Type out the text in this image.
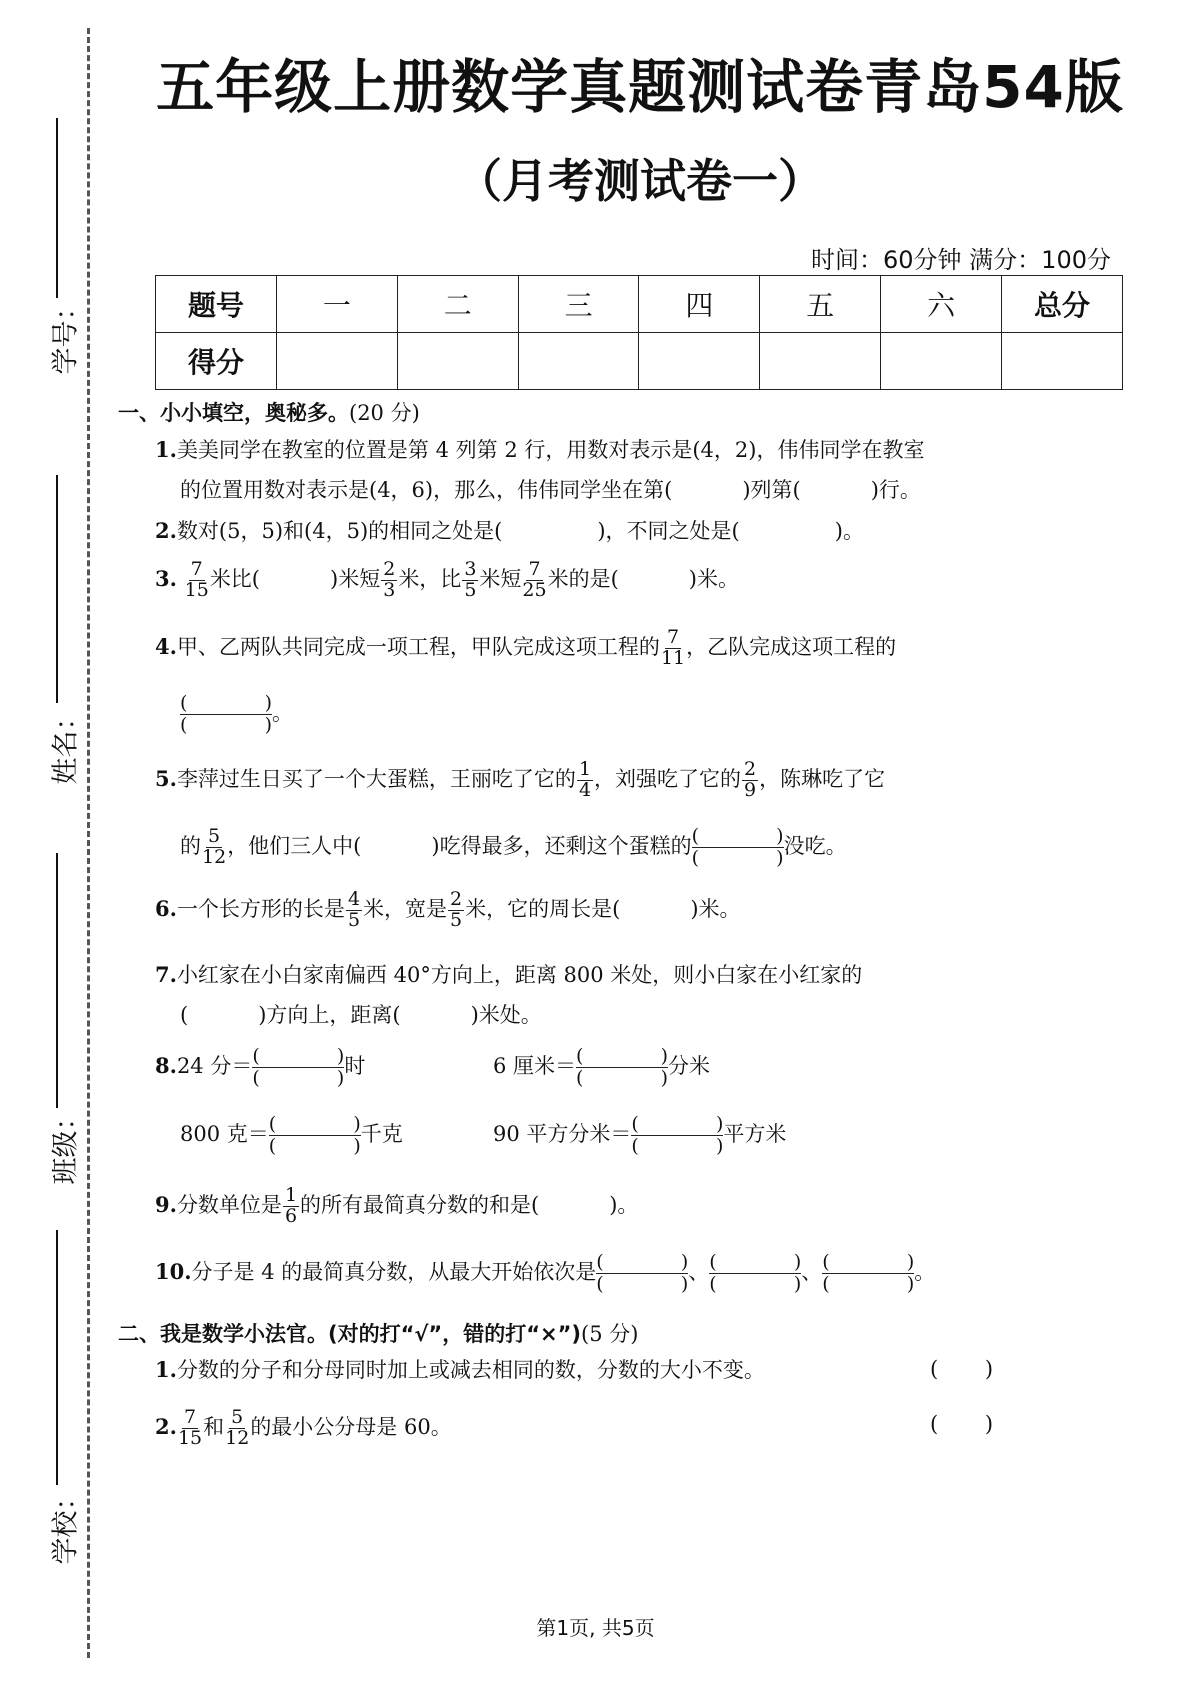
学号：
姓名：
班级：
学校：
五年级上册数学真题测试卷青岛54版
（月考测试卷一）
时间：60分钟 满分：100分
题号	一	二	三	四	五	六	总分
得分							
一、小小填空，奥秘多。(20 分)
1.美美同学在教室的位置是第 4 列第 2 行，用数对表示是(4，2)，伟伟同学在教室
的位置用数对表示是(4，6)，那么，伟伟同学坐在第(	)列第(	)行。
2.数对(5，5)和(4，5)的相同之处是(	)，不同之处是(	)。
3. $\frac{7}{15}$ 米比(	)米短 $\frac{2}{3}$ 米，比 $\frac{3}{5}$ 米短 $\frac{7}{25}$ 米的是(	)米。
4.甲、乙两队共同完成一项工程，甲队完成这项工程的 $\frac{7}{11}$ ，乙队完成这项工程的
(	)
(	) 。
5.李萍过生日买了一个大蛋糕，王丽吃了它的 $\frac{1}{4}$ ，刘强吃了它的 $\frac{2}{9}$ ，陈琳吃了它
的 $\frac{5}{12}$ ，他们三人中(	)吃得最多，还剩这个蛋糕的 (	)
(	) 没吃。
6.一个长方形的长是 $\frac{4}{5}$ 米，宽是 $\frac{2}{5}$ 米，它的周长是(	)米。
7.小红家在小白家南偏西 40°方向上，距离 800 米处，则小白家在小红家的
(	)方向上，距离(	)米处。
8.24 分＝ (	)
(	) 时	6 厘米＝ (	)
(	) 分米
800 克＝ (	)
(	) 千克	90 平方分米＝ (	)
(	) 平方米
9.分数单位是 $\frac{1}{6}$ 的所有最简真分数的和是(	)。
10.分子是 4 的最简真分数，从最大开始依次是 (	)
(	) 、 (	)
(	) 、 (	)
(	) 。
二、我是数学小法官。(对的打“√”，错的打“×”)(5 分)
1.分数的分子和分母同时加上或减去相同的数，分数的大小不变。	( )
2. $\frac{7}{15}$ 和 $\frac{5}{12}$ 的最小公分母是 60。	( )
第1页, 共5页
